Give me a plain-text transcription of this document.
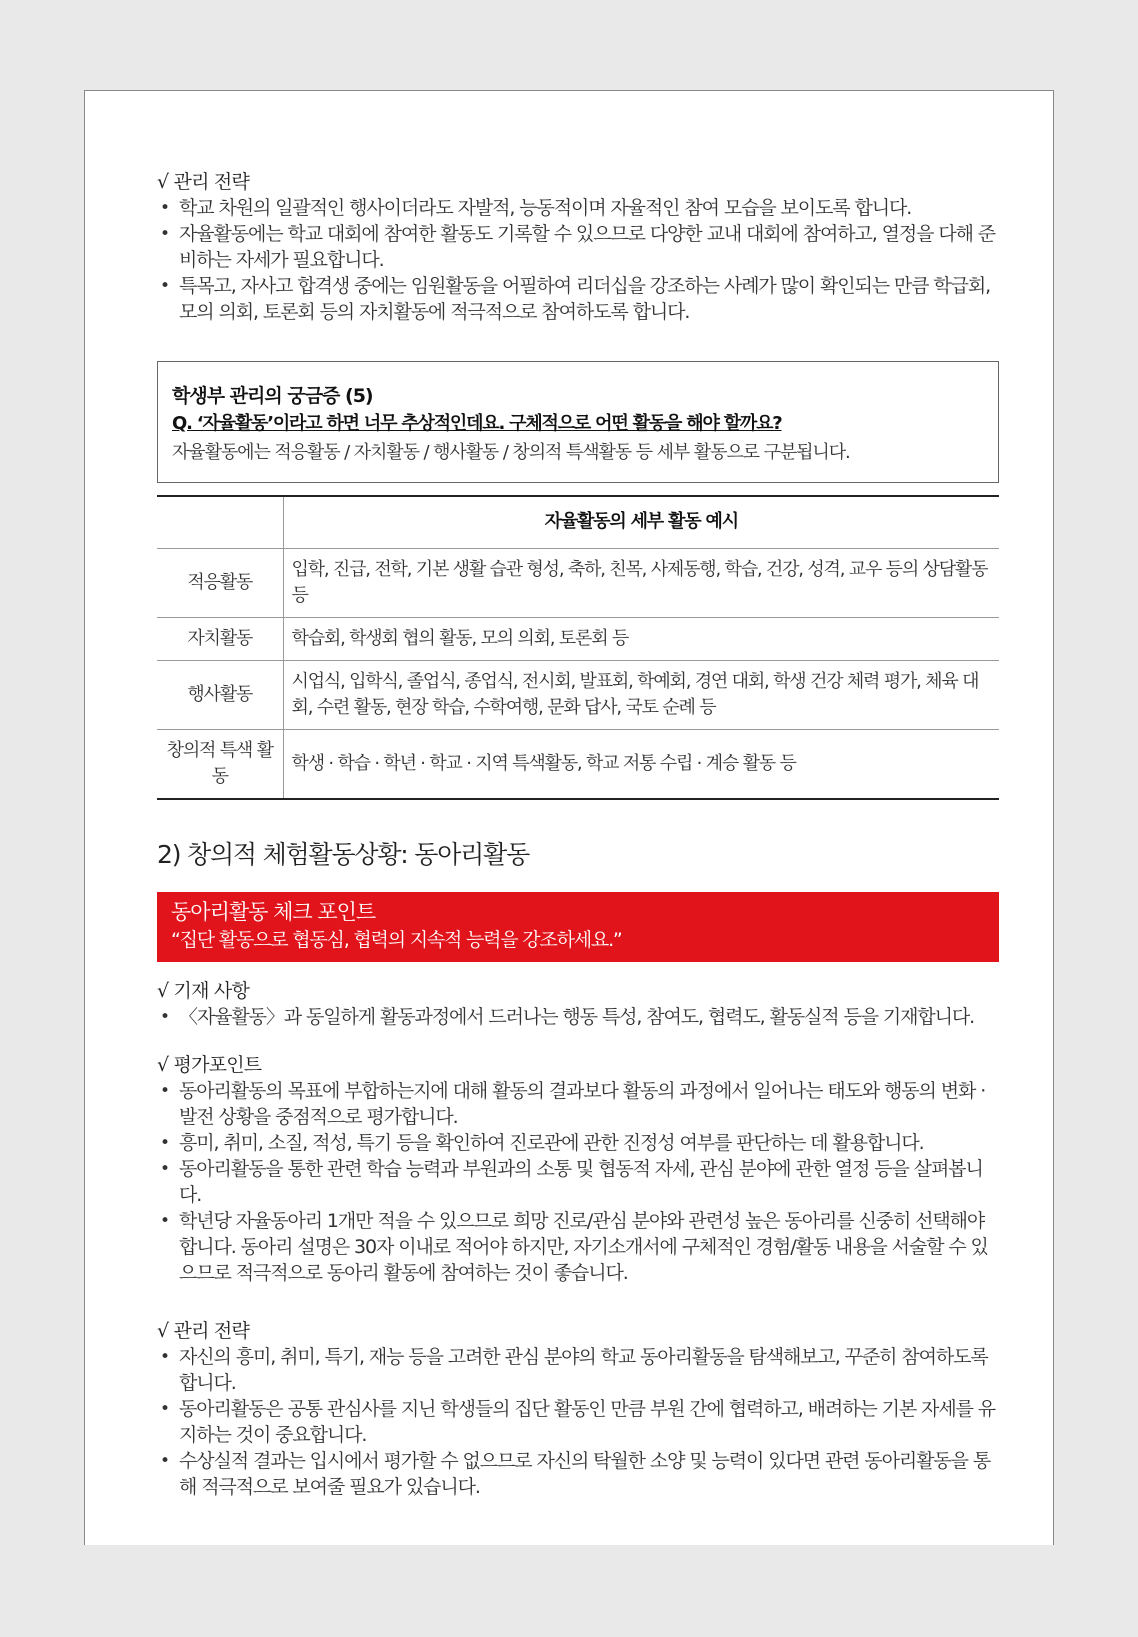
√ 관리 전략
• 학교 차원의 일괄적인 행사이더라도 자발적, 능동적이며 자율적인 참여 모습을 보이도록 합니다.
• 자율활동에는 학교 대회에 참여한 활동도 기록할 수 있으므로 다양한 교내 대회에 참여하고, 열정을 다해 준비하는 자세가 필요합니다.
• 특목고, 자사고 합격생 중에는 임원활동을 어필하여 리더십을 강조하는 사례가 많이 확인되는 만큼 학급회, 모의 의회, 토론회 등의 자치활동에 적극적으로 참여하도록 합니다.
학생부 관리의 궁금증 (5)
Q. ‘자율활동’이라고 하면 너무 추상적인데요. 구체적으로 어떤 활동을 해야 할까요?
자율활동에는 적응활동 / 자치활동 / 행사활동 / 창의적 특색활동 등 세부 활동으로 구분됩니다.
	자율활동의 세부 활동 예시
적응활동	입학, 진급, 전학, 기본 생활 습관 형성, 축하, 친목, 사제동행, 학습, 건강, 성격, 교우 등의 상담활동 등
자치활동	학습회, 학생회 협의 활동, 모의 의회, 토론회 등
행사활동	시업식, 입학식, 졸업식, 종업식, 전시회, 발표회, 학예회, 경연 대회, 학생 건강 체력 평가, 체육 대회, 수련 활동, 현장 학습, 수학여행, 문화 답사, 국토 순례 등
창의적 특색 활동	학생 · 학습 · 학년 · 학교 · 지역 특색활동, 학교 저통 수립 · 계승 활동 등
2) 창의적 체험활동상황: 동아리활동
동아리활동 체크 포인트
“집단 활동으로 협동심, 협력의 지속적 능력을 강조하세요.”
√ 기재 사항
• 〈자율활동〉과 동일하게 활동과정에서 드러나는 행동 특성, 참여도, 협력도, 활동실적 등을 기재합니다.
√ 평가포인트
• 동아리활동의 목표에 부합하는지에 대해 활동의 결과보다 활동의 과정에서 일어나는 태도와 행동의 변화 · 발전 상황을 중점적으로 평가합니다.
• 흥미, 취미, 소질, 적성, 특기 등을 확인하여 진로관에 관한 진정성 여부를 판단하는 데 활용합니다.
• 동아리활동을 통한 관련 학습 능력과 부원과의 소통 및 협동적 자세, 관심 분야에 관한 열정 등을 살펴봅니다.
• 학년당 자율동아리 1개만 적을 수 있으므로 희망 진로/관심 분야와 관련성 높은 동아리를 신중히 선택해야 합니다. 동아리 설명은 30자 이내로 적어야 하지만, 자기소개서에 구체적인 경험/활동 내용을 서술할 수 있으므로 적극적으로 동아리 활동에 참여하는 것이 좋습니다.
√ 관리 전략
• 자신의 흥미, 취미, 특기, 재능 등을 고려한 관심 분야의 학교 동아리활동을 탐색해보고, 꾸준히 참여하도록 합니다.
• 동아리활동은 공통 관심사를 지닌 학생들의 집단 활동인 만큼 부원 간에 협력하고, 배려하는 기본 자세를 유지하는 것이 중요합니다.
• 수상실적 결과는 입시에서 평가할 수 없으므로 자신의 탁월한 소양 및 능력이 있다면 관련 동아리활동을 통해 적극적으로 보여줄 필요가 있습니다.
